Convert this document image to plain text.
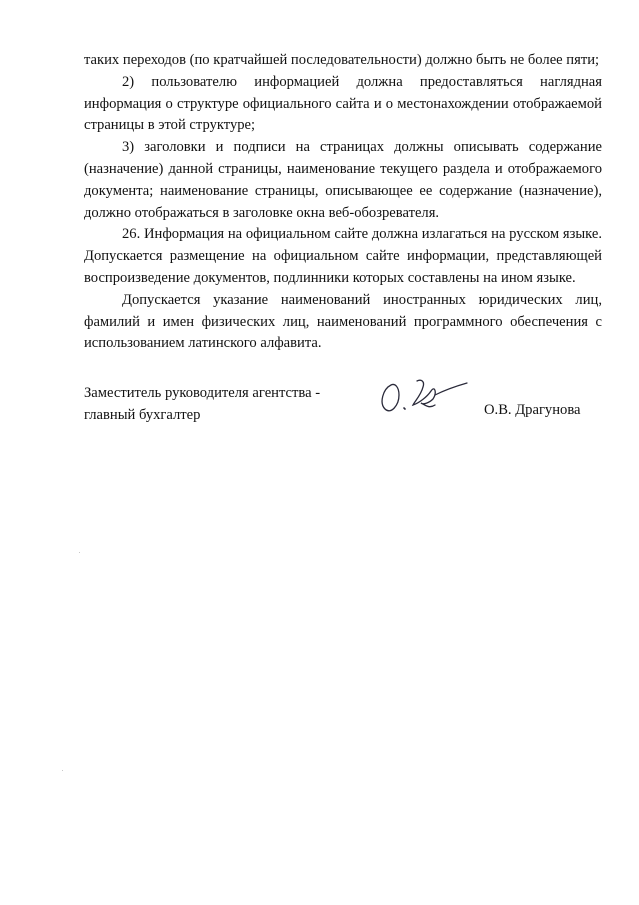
таких переходов (по кратчайшей последовательности) должно быть не более пяти;

2) пользователю информацией должна предоставляться наглядная информация о структуре официального сайта и о местонахождении отображаемой страницы в этой структуре;

3) заголовки и подписи на страницах должны описывать содержание (назначение) данной страницы, наименование текущего раздела и отображаемого документа; наименование страницы, описывающее ее содержание (назначение), должно отображаться в заголовке окна веб-обозревателя.

26. Информация на официальном сайте должна излагаться на русском языке. Допускается размещение на официальном сайте информации, представляющей воспроизведение документов, подлинники которых составлены на ином языке.

Допускается указание наименований иностранных юридических лиц, фамилий и имен физических лиц, наименований программного обеспечения с использованием латинского алфавита.

Заместитель руководителя агентства -
главный бухгалтер	О.В. Драгунова
